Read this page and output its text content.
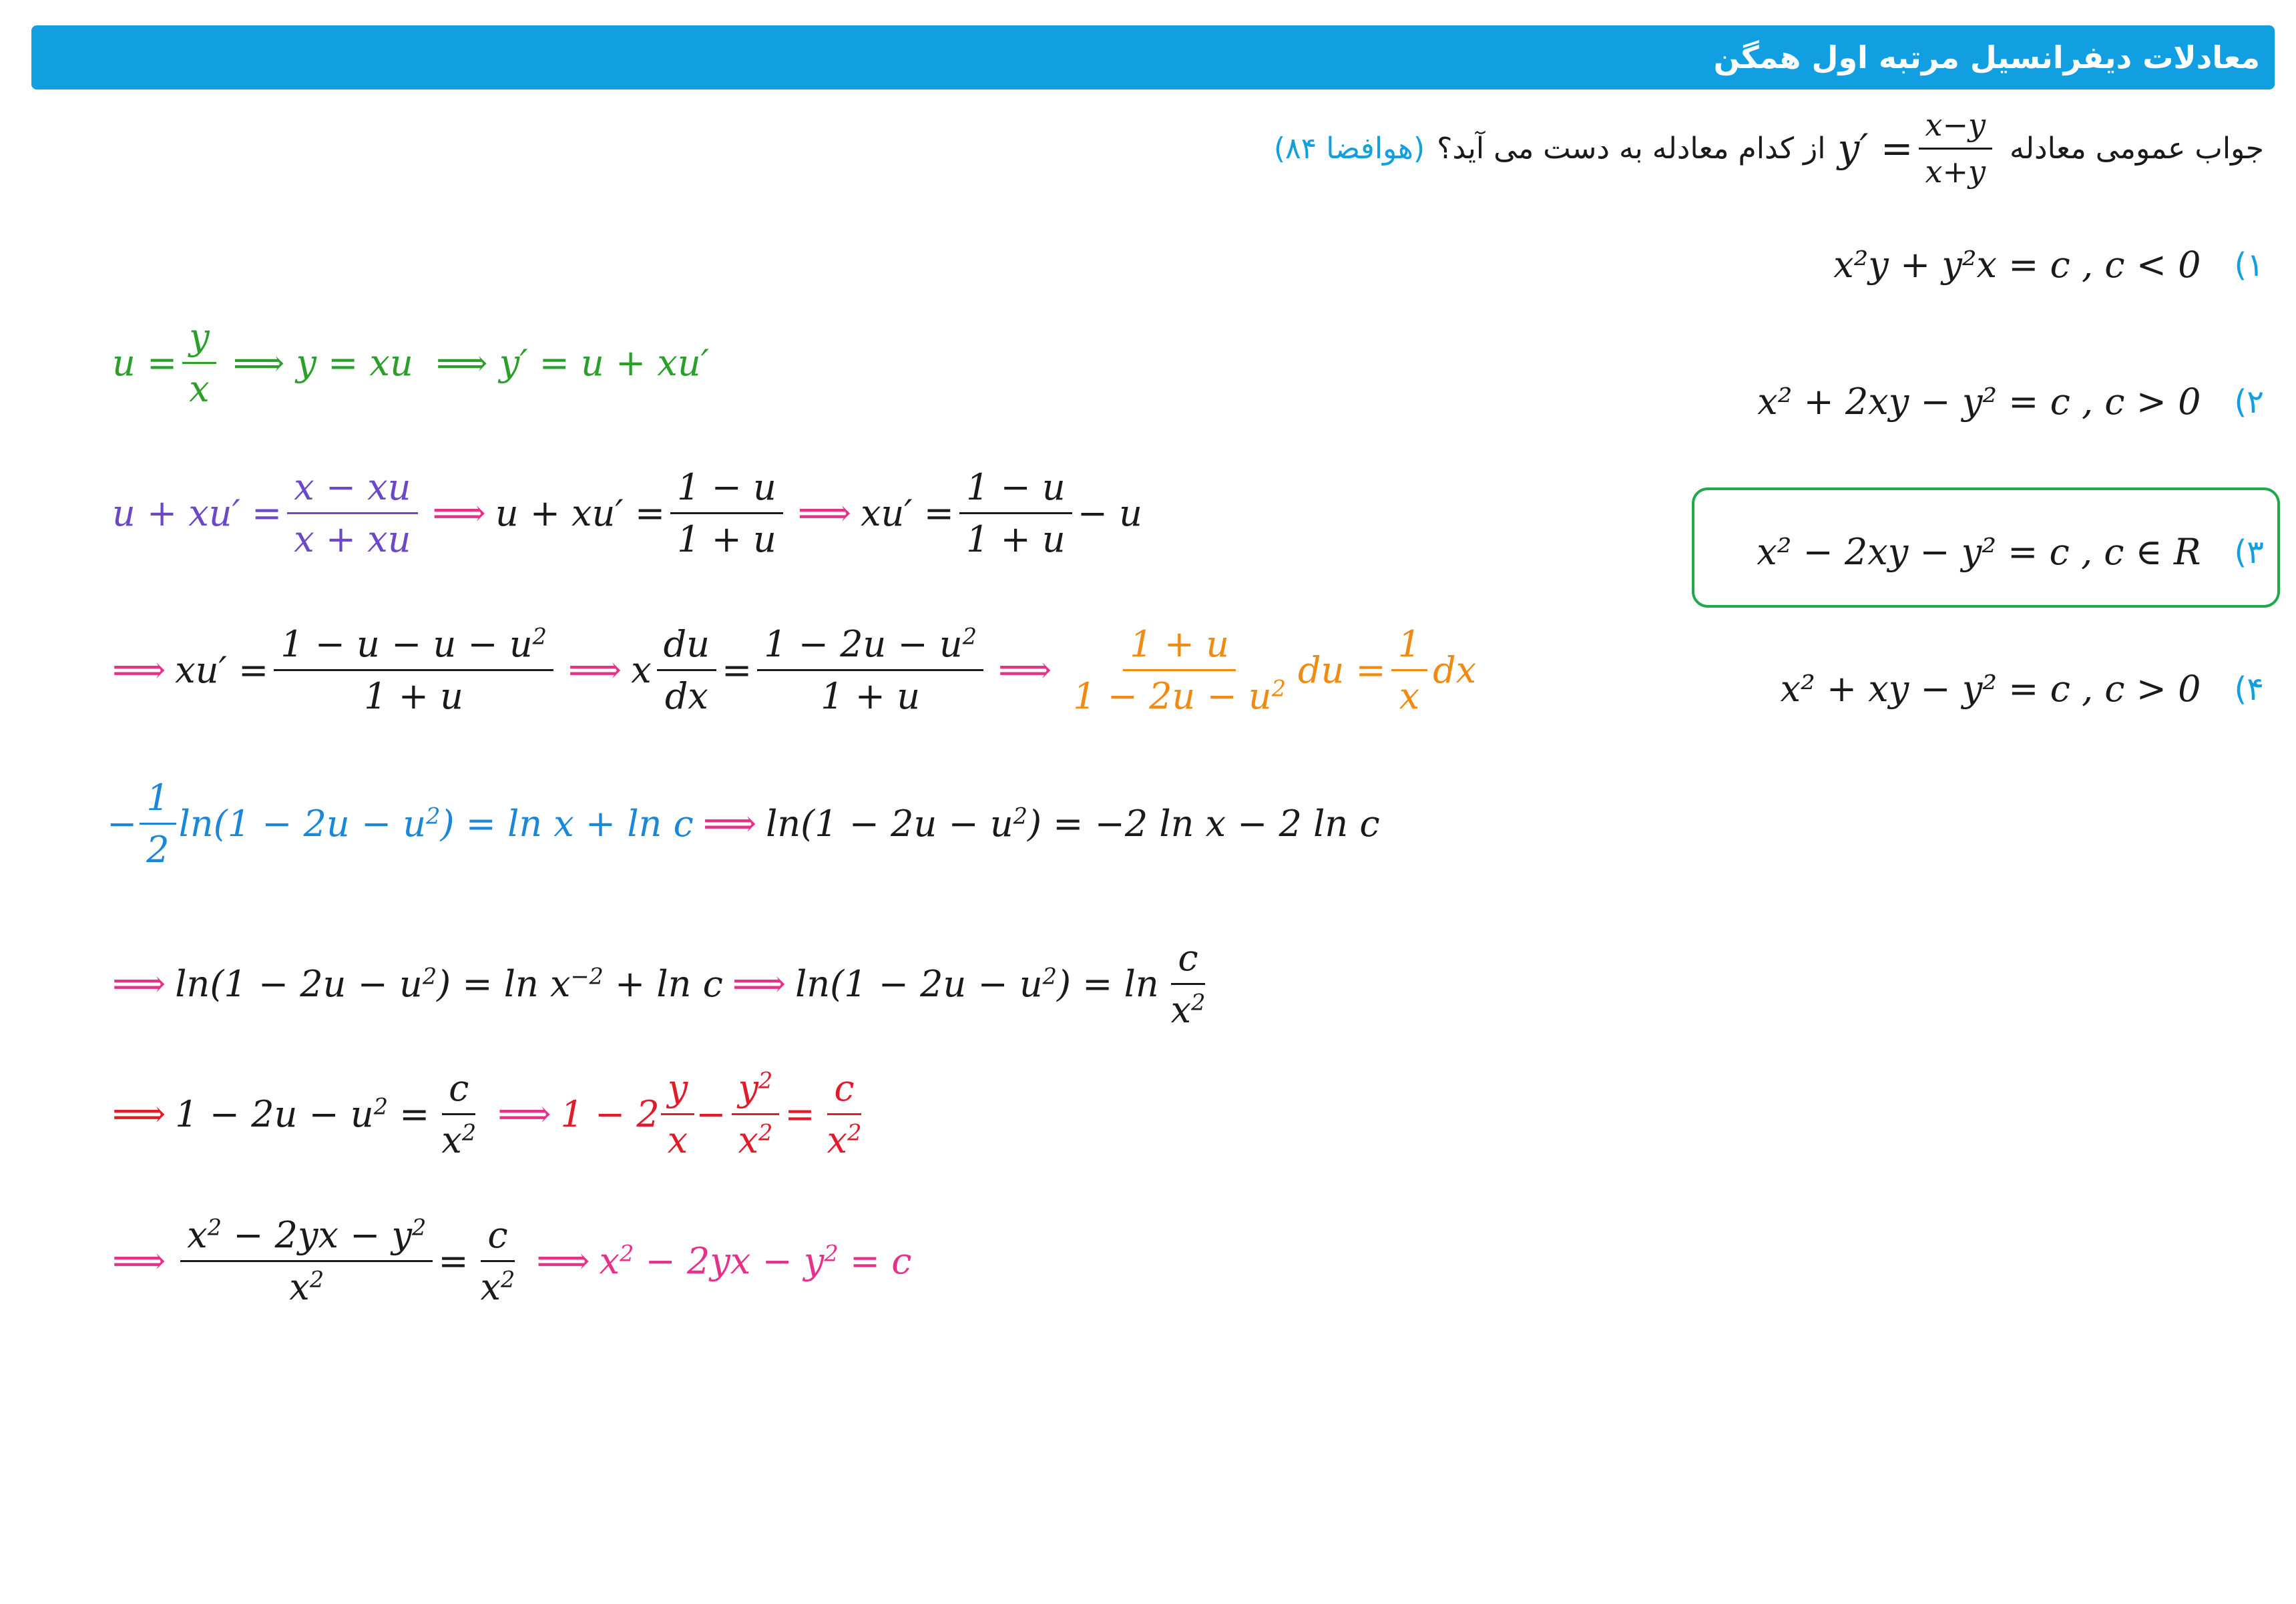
معادلات دیفرانسیل مرتبه اول همگن
جواب عمومی معادله
$y' = \frac{x-y}{x+y}$
از کدام معادله به دست می آید؟
(هوافضا ۸۴)
۱)
x²y + y²x = c , c < 0
۲)
x² + 2xy − y² = c , c > 0
۳)
x² − 2xy − y² = c , c ∈ R
۴)
x² + xy − y² = c , c > 0
$u = \frac{y}{x}$ ⟹ y = xu  ⟹ y′ = u + xu′
$u + xu' = \frac{x - xu}{x + xu}$ ⟹ $u + xu' = \frac{1 - u}{1 + u}$ ⟹ $xu' = \frac{1 - u}{1 + u} - u$
⟹ $xu' = \frac{1 - u - u - u^2}{1 + u}$ ⟹ x $\frac{du}{dx} = \frac{1 - 2u - u^2}{1 + u}$ ⟹ $\frac{1 + u}{1 - 2u - u^2}$ du = $\frac{1}{x}$ dx
− $\frac{1}{2} \ln(1 - 2u - u^2) = \ln x + \ln c$ ⟹ $\ln(1 - 2u - u^2) = -2$ ln x − 2 ln c
⟹ $\ln(1 - 2u - u^2) = \ln x^{-2} + \ln c$ ⟹ $\ln(1 - 2u - u^2) = \ln \frac{c}{x^2}$
⟹ $1 - 2u - u^2 = \frac{c}{x^2}$ ⟹ $1 - 2 \frac{y}{x} - \frac{y^2}{x^2} = \frac{c}{x^2}$
⟹ $\frac{x^2 - 2yx - y^2}{x^2} = \frac{c}{x^2}$ ⟹ $x^2 - 2yx - y^2 = c$
